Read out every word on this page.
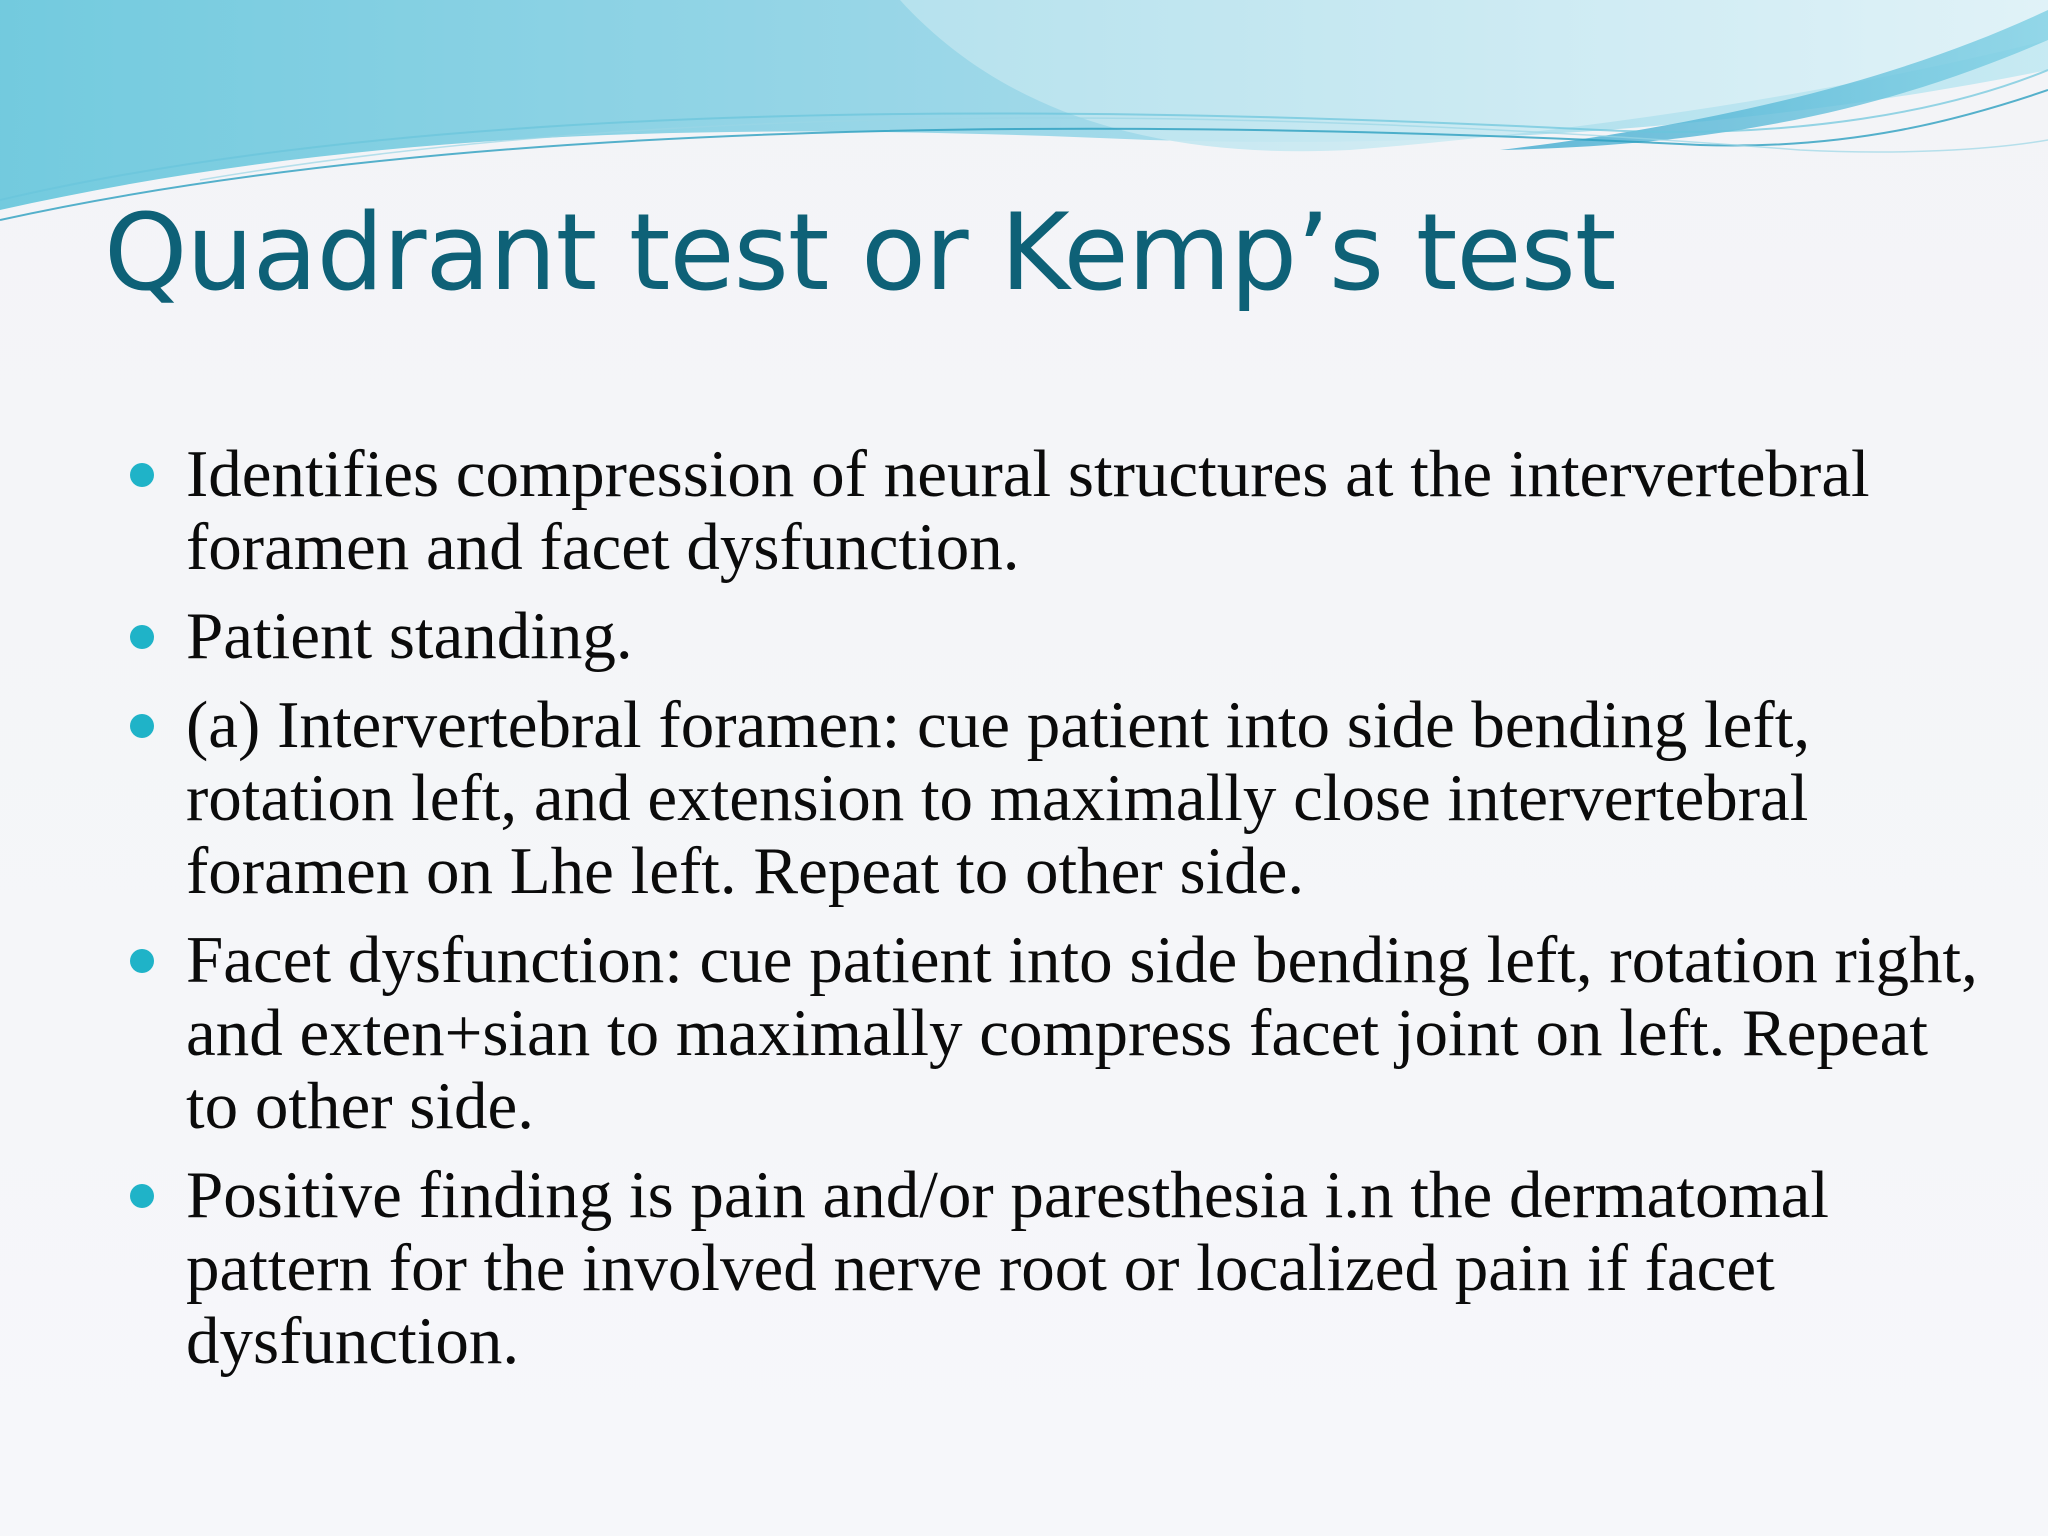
Quadrant test or Kemp’s test
Identifies compression of neural structures at the intervertebral foramen and facet dysfunction.
Patient standing.
(a) Intervertebral foramen: cue patient into side bending left, rotation left, and extension to maximally close intervertebral foramen on Lhe left. Repeat to other side.
Facet dysfunction: cue patient into side bending left, rotation right, and exten+sian to maximally compress facet joint on left. Repeat to other side.
Positive finding is pain and/or paresthesia i.n the dermatomal pattern for the involved nerve root or localized pain if facet dysfunction.
